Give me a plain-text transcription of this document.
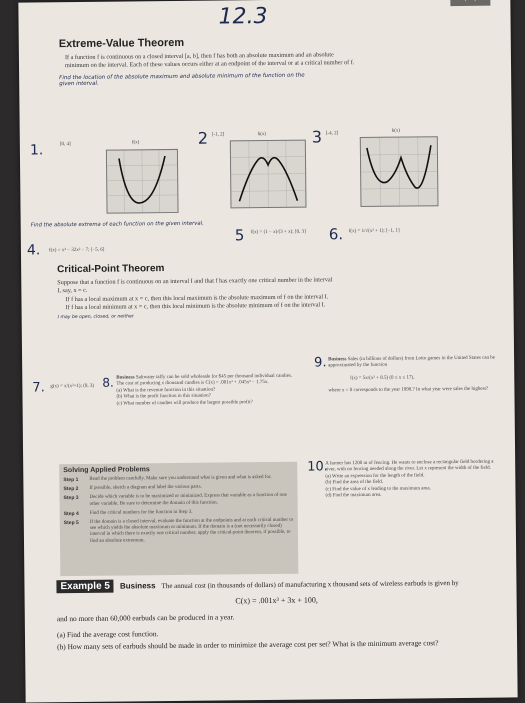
12.3
Extreme-Value Theorem
If a function f is continuous on a closed interval [a, b], then f has both an absolute maximum and an absolute minimum on the interval. Each of these values occurs either at an endpoint of the interval or at a critical number of f.
Find the location of the absolute maximum and absolute minimum of the function on the given interval.
1.	[0, 4]	f(x)	2 [-1, 2]	h(x)	3 [-4, 2]
k(x)
Find the absolute extrema of each function on the given interval.
4. f(x) = x⁴ − 32x² − 7; [−5, 6]
5 f(x) = (1 − x)/(3 + x); [0, 3] 6. f(x) = 1/√(x² + 1); [−1, 1]
Critical-Point Theorem
Suppose that a function f is continuous on an interval I and that f has exactly one critical number in the interval I, say, x = c.
If f has a local maximum at x = c, then this local maximum is the absolute maximum of f on the interval I.
If f has a local minimum at x = c, then this local minimum is the absolute minimum of f on the interval I.
I may be open, closed, or neither
7. g(x) = x/(x²+1); (0, 3) 8. Business Saltwater taffy can be sold wholesale for $45 per thousand individual candies. The cost of producing x thousand candies is C(x) = .001x³ + .045x² − 1.75x.
(a) What is the revenue function in this situation?
(b) What is the profit function in this situation?
(c) What number of candies will produce the largest possible profit?
9. Business Sales (in billions of dollars) from Lotto games in the United States can be approximated by the function
l(x) = 5x/(x² + 8.5) (0 ≤ x ≤ 17),
where x = 0 corresponds to the year 1990.? In what year were sales the highest?
Solving Applied Problems
Step 1	Read the problem carefully. Make sure you understand what is given and what is asked for.
Step 2	If possible, sketch a diagram and label the various parts.
Step 3	Decide which variable is to be maximized or minimized. Express that variable as a function of one other variable. Be sure to determine the domain of this function.
Step 4	Find the critical numbers for the function in Step 3.
Step 5	If the domain is a closed interval, evaluate the function at the endpoints and at each critical number to see which yields the absolute maximum or minimum. If the domain is a (not necessarily closed) interval in which there is exactly one critical number, apply the critical-point theorem, if possible, to find an absolute extremum.
10.
A farmer has 1200 m of fencing. He wants to enclose a rectangular field bordering a river, with no fencing needed along the river. Let x represent the width of the field.
(a) Write an expression for the length of the field.
(b) Find the area of the field.
(c) Find the value of x leading to the maximum area.
(d) Find the maximum area.
Example 5	Business The annual cost (in thousands of dollars) of manufacturing x thousand sets of wireless earbuds is given by
C(x) = .001x³ + 3x + 100,
and no more than 60,000 earbuds can be produced in a year.
(a) Find the average cost function.
(b) How many sets of earbuds should be made in order to minimize the average cost per set? What is the minimum average cost?
